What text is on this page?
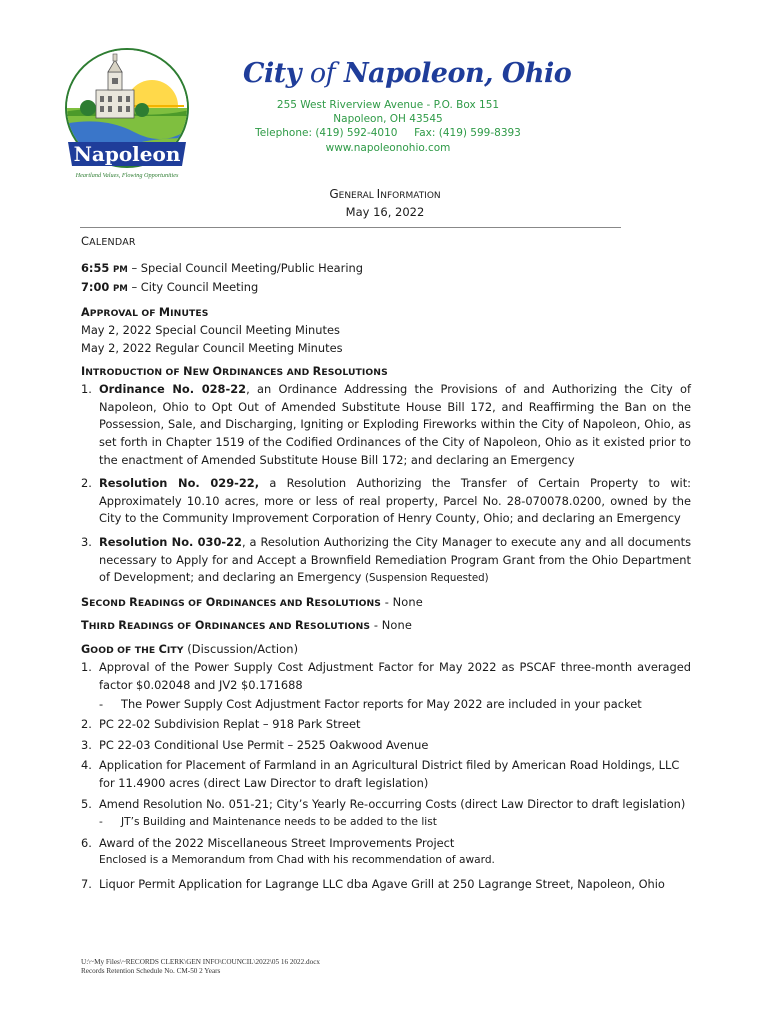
Napoleon
Heartland Values, Flowing Opportunities
City of Napoleon, Ohio
255 West Riverview Avenue - P.O. Box 151
Napoleon, OH 43545
Telephone: (419) 592-4010     Fax: (419) 599-8393
www.napoleonohio.com
GENERAL INFORMATION
May 16, 2022
CALENDAR
6:55 PM – Special Council Meeting/Public Hearing
7:00 PM – City Council Meeting
APPROVAL OF MINUTES
May 2, 2022 Special Council Meeting Minutes
May 2, 2022 Regular Council Meeting Minutes
INTRODUCTION OF NEW ORDINANCES AND RESOLUTIONS
1. Ordinance No. 028-22, an Ordinance Addressing the Provisions of and Authorizing the City of Napoleon, Ohio to Opt Out of Amended Substitute House Bill 172, and Reaffirming the Ban on the Possession, Sale, and Discharging, Igniting or Exploding Fireworks within the City of Napoleon, Ohio, as set forth in Chapter 1519 of the Codified Ordinances of the City of Napoleon, Ohio as it existed prior to the enactment of Amended Substitute House Bill 172; and declaring an Emergency
2. Resolution No. 029-22, a Resolution Authorizing the Transfer of Certain Property to wit: Approximately 10.10 acres, more or less of real property, Parcel No. 28-070078.0200, owned by the City to the Community Improvement Corporation of Henry County, Ohio; and declaring an Emergency
3. Resolution No. 030-22, a Resolution Authorizing the City Manager to execute any and all documents necessary to Apply for and Accept a Brownfield Remediation Program Grant from the Ohio Department of Development; and declaring an Emergency (Suspension Requested)
SECOND READINGS OF ORDINANCES AND RESOLUTIONS - None
THIRD READINGS OF ORDINANCES AND RESOLUTIONS - None
GOOD OF THE CITY (Discussion/Action)
1. Approval of the Power Supply Cost Adjustment Factor for May 2022 as PSCAF three-month averaged factor $0.02048 and JV2 $0.171688
-	The Power Supply Cost Adjustment Factor reports for May 2022 are included in your packet
2. PC 22-02 Subdivision Replat – 918 Park Street
3. PC 22-03 Conditional Use Permit – 2525 Oakwood Avenue
4. Application for Placement of Farmland in an Agricultural District filed by American Road Holdings, LLC for 11.4900 acres (direct Law Director to draft legislation)
5. Amend Resolution No. 051-21; City’s Yearly Re-occurring Costs (direct Law Director to draft legislation)
-	JT’s Building and Maintenance needs to be added to the list
6. Award of the 2022 Miscellaneous Street Improvements Project
Enclosed is a Memorandum from Chad with his recommendation of award.
7. Liquor Permit Application for Lagrange LLC dba Agave Grill at 250 Lagrange Street, Napoleon, Ohio
U:\~My Files\~RECORDS CLERK\GEN INFO\COUNCIL\2022\05 16 2022.docx
Records Retention Schedule No. CM-50 2 Years
